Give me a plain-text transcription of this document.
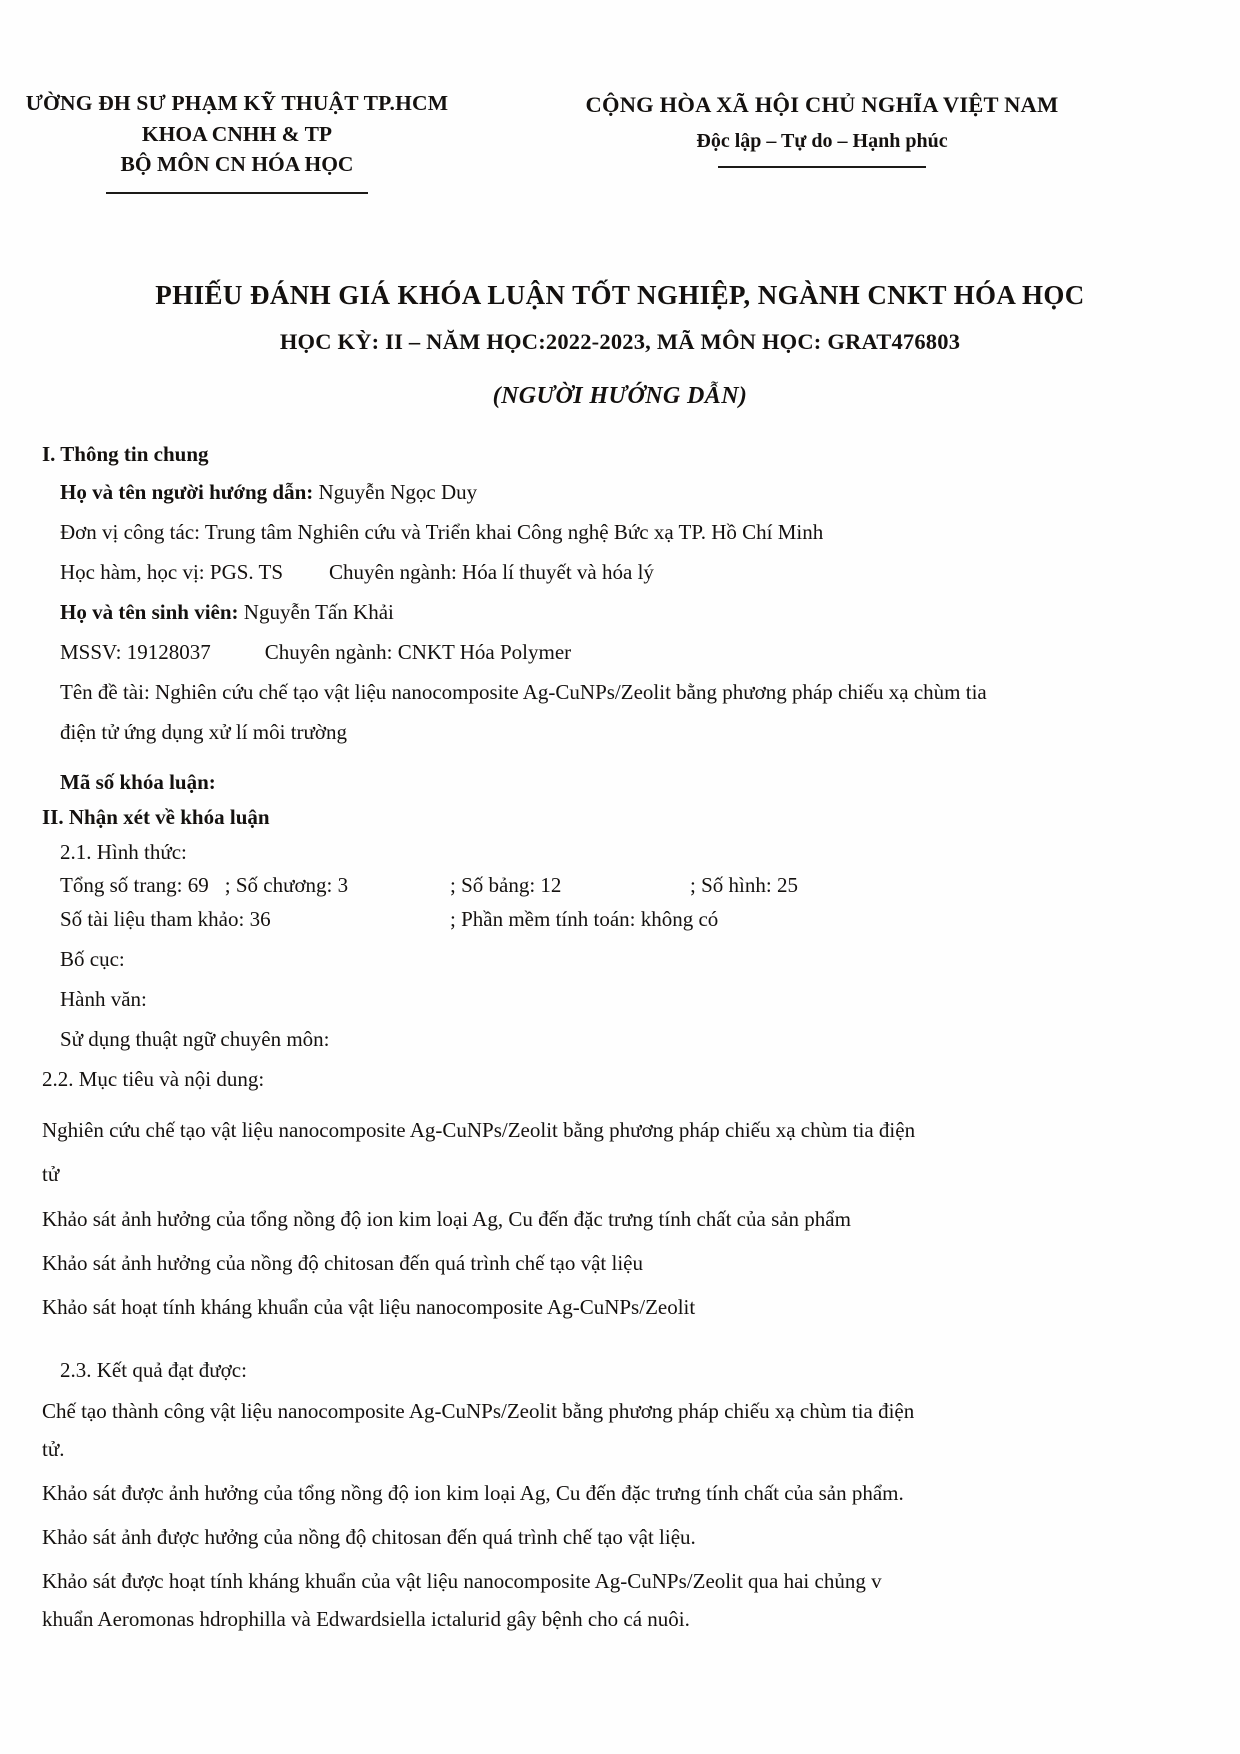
ƯỜNG ĐH SƯ PHẠM KỸ THUẬT TP.HCM
KHOA CNHH & TP
BỘ MÔN CN HÓA HỌC
CỘNG HÒA XÃ HỘI CHỦ NGHĨA VIỆT NAM
Độc lập – Tự do – Hạnh phúc
PHIẾU ĐÁNH GIÁ KHÓA LUẬN TỐT NGHIỆP, NGÀNH CNKT HÓA HỌC
HỌC KỲ: II – NĂM HỌC:2022-2023, MÃ MÔN HỌC: GRAT476803
(NGƯỜI HƯỚNG DẪN)
I. Thông tin chung

Họ và tên người hướng dẫn: Nguyễn Ngọc Duy

Đơn vị công tác: Trung tâm Nghiên cứu và Triển khai Công nghệ Bức xạ TP. Hồ Chí Minh

Học hàm, học vị: PGS. TS Chuyên ngành: Hóa lí thuyết và hóa lý

Họ và tên sinh viên: Nguyễn Tấn Khải

MSSV: 19128037	Chuyên ngành: CNKT Hóa Polymer

Tên đề tài: Nghiên cứu chế tạo vật liệu nanocomposite Ag-CuNPs/Zeolit bằng phương pháp chiếu xạ chùm tia

điện tử ứng dụng xử lí môi trường

Mã số khóa luận:

II. Nhận xét về khóa luận

2.1. Hình thức:

Tổng số trang: 69 ; Số chương: 3	; Số bảng: 12	; Số hình: 25
Số tài liệu tham khảo: 36	; Phần mềm tính toán: không có

Bố cục:

Hành văn:

Sử dụng thuật ngữ chuyên môn:

2.2. Mục tiêu và nội dung:

Nghiên cứu chế tạo vật liệu nanocomposite Ag-CuNPs/Zeolit bằng phương pháp chiếu xạ chùm tia điện

tử

Khảo sát ảnh hưởng của tổng nồng độ ion kim loại Ag, Cu đến đặc trưng tính chất của sản phẩm

Khảo sát ảnh hưởng của nồng độ chitosan đến quá trình chế tạo vật liệu

Khảo sát hoạt tính kháng khuẩn của vật liệu nanocomposite Ag-CuNPs/Zeolit

2.3. Kết quả đạt được:

Chế tạo thành công vật liệu nanocomposite Ag-CuNPs/Zeolit bằng phương pháp chiếu xạ chùm tia điện

tử.

Khảo sát được ảnh hưởng của tổng nồng độ ion kim loại Ag, Cu đến đặc trưng tính chất của sản phẩm.

Khảo sát ảnh được hưởng của nồng độ chitosan đến quá trình chế tạo vật liệu.

Khảo sát được hoạt tính kháng khuẩn của vật liệu nanocomposite Ag-CuNPs/Zeolit qua hai chủng v

khuẩn Aeromonas hdrophilla và Edwardsiella ictalurid gây bệnh cho cá nuôi.
